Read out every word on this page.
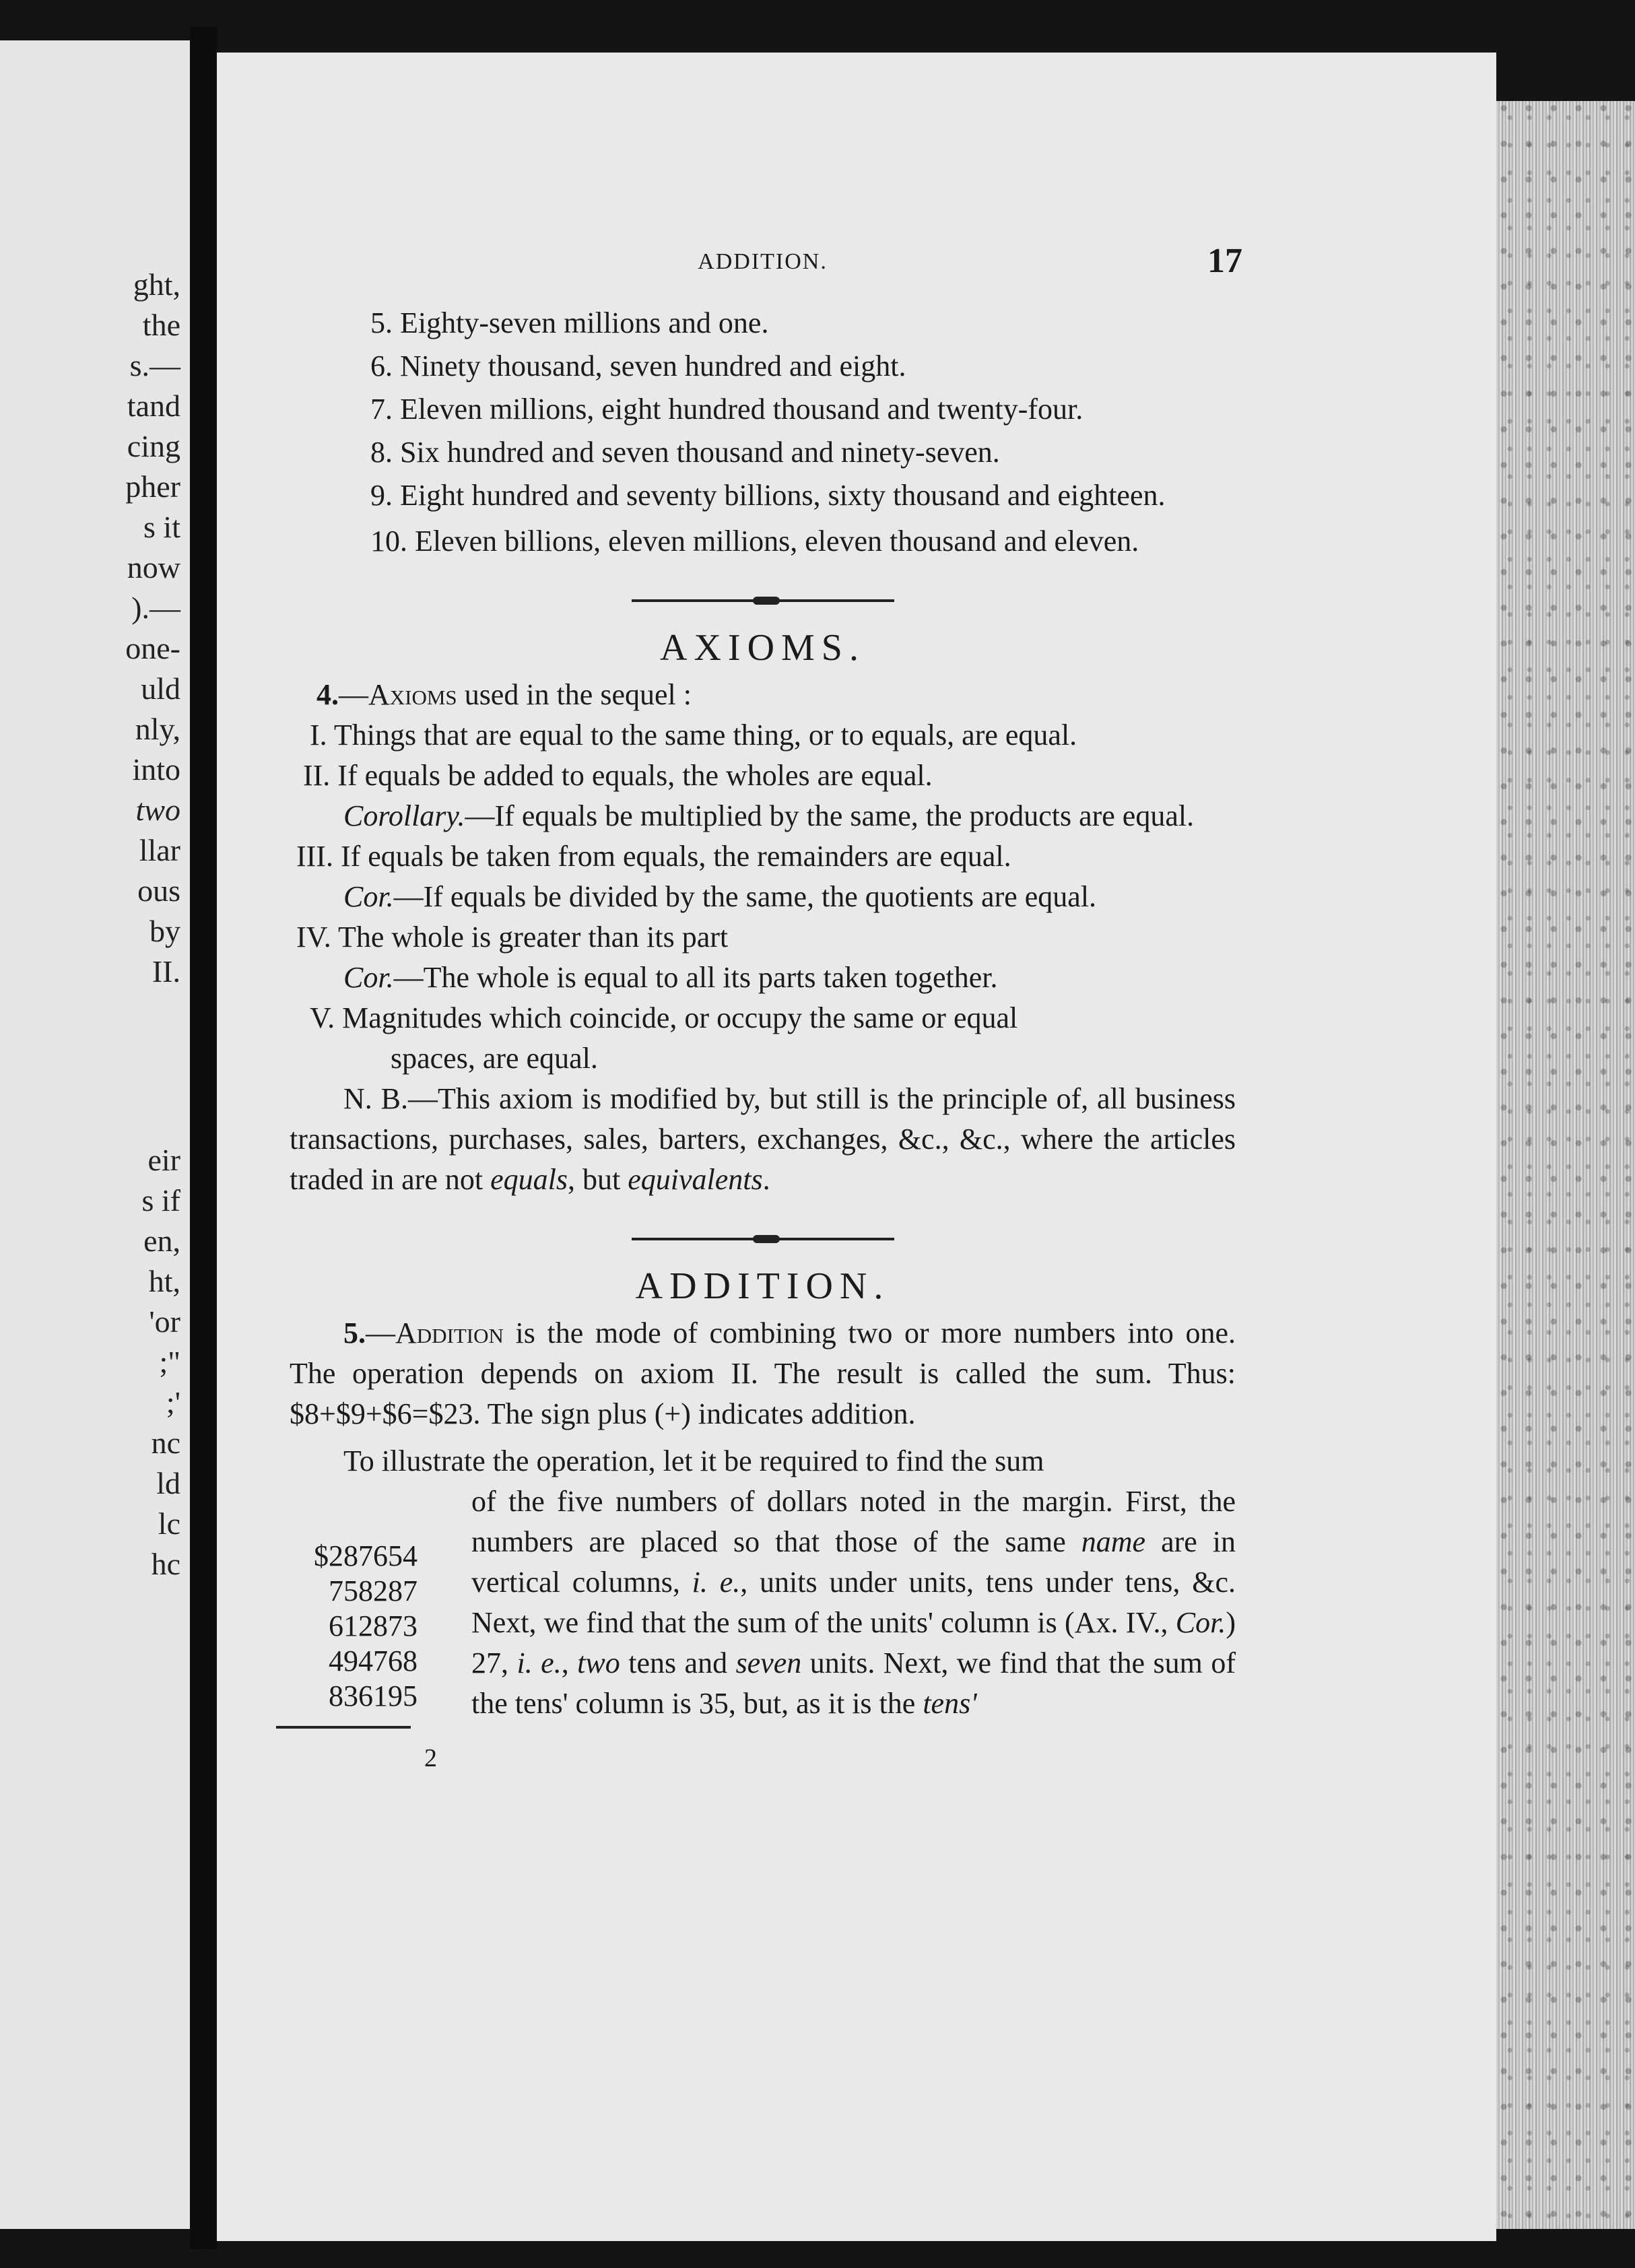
ght,
the
s.—
tand
cing
pher
s it
now
).—
one-
uld
nly,
into
two
llar
ous
by
II.
eir
s if
en,
ht,
'or
;"
;'
nc
ld
lc
hc
ADDITION.	17

5. Eighty-seven millions and one.

6. Ninety thousand, seven hundred and eight.

7. Eleven millions, eight hundred thousand and twenty-four.

8. Six hundred and seven thousand and ninety-seven.

9. Eight hundred and seventy billions, sixty thousand and eighteen.

10. Eleven billions, eleven millions, eleven thousand and eleven.

AXIOMS.

4.—Axioms used in the sequel :

I. Things that are equal to the same thing, or to equals, are equal.

II. If equals be added to equals, the wholes are equal.

Corollary.—If equals be multiplied by the same, the products are equal.

III. If equals be taken from equals, the remainders are equal.

Cor.—If equals be divided by the same, the quotients are equal.

IV. The whole is greater than its part

Cor.—The whole is equal to all its parts taken together.

V. Magnitudes which coincide, or occupy the same or equal

spaces, are equal.

N. B.—This axiom is modified by, but still is the principle of, all business transactions, purchases, sales, barters, exchanges, &c., &c., where the articles traded in are not equals, but equivalents.

ADDITION.

5.—Addition is the mode of combining two or more numbers into one. The operation depends on axiom II. The result is called the sum. Thus: $8+$9+$6=$23. The sign plus (+) indicates addition.

To illustrate the operation, let it be required to find the sum

of the five numbers of dollars noted in the margin. First, the numbers are placed so that those of the same name are in vertical columns, i. e., units under units, tens under tens, &c. Next, we find that the sum of the units' column is (Ax. IV., Cor.) 27, i. e., two tens and seven units. Next, we find that the sum of the tens' column is 35, but, as it is the tens'

$287654
758287
612873
494768
836195
2
